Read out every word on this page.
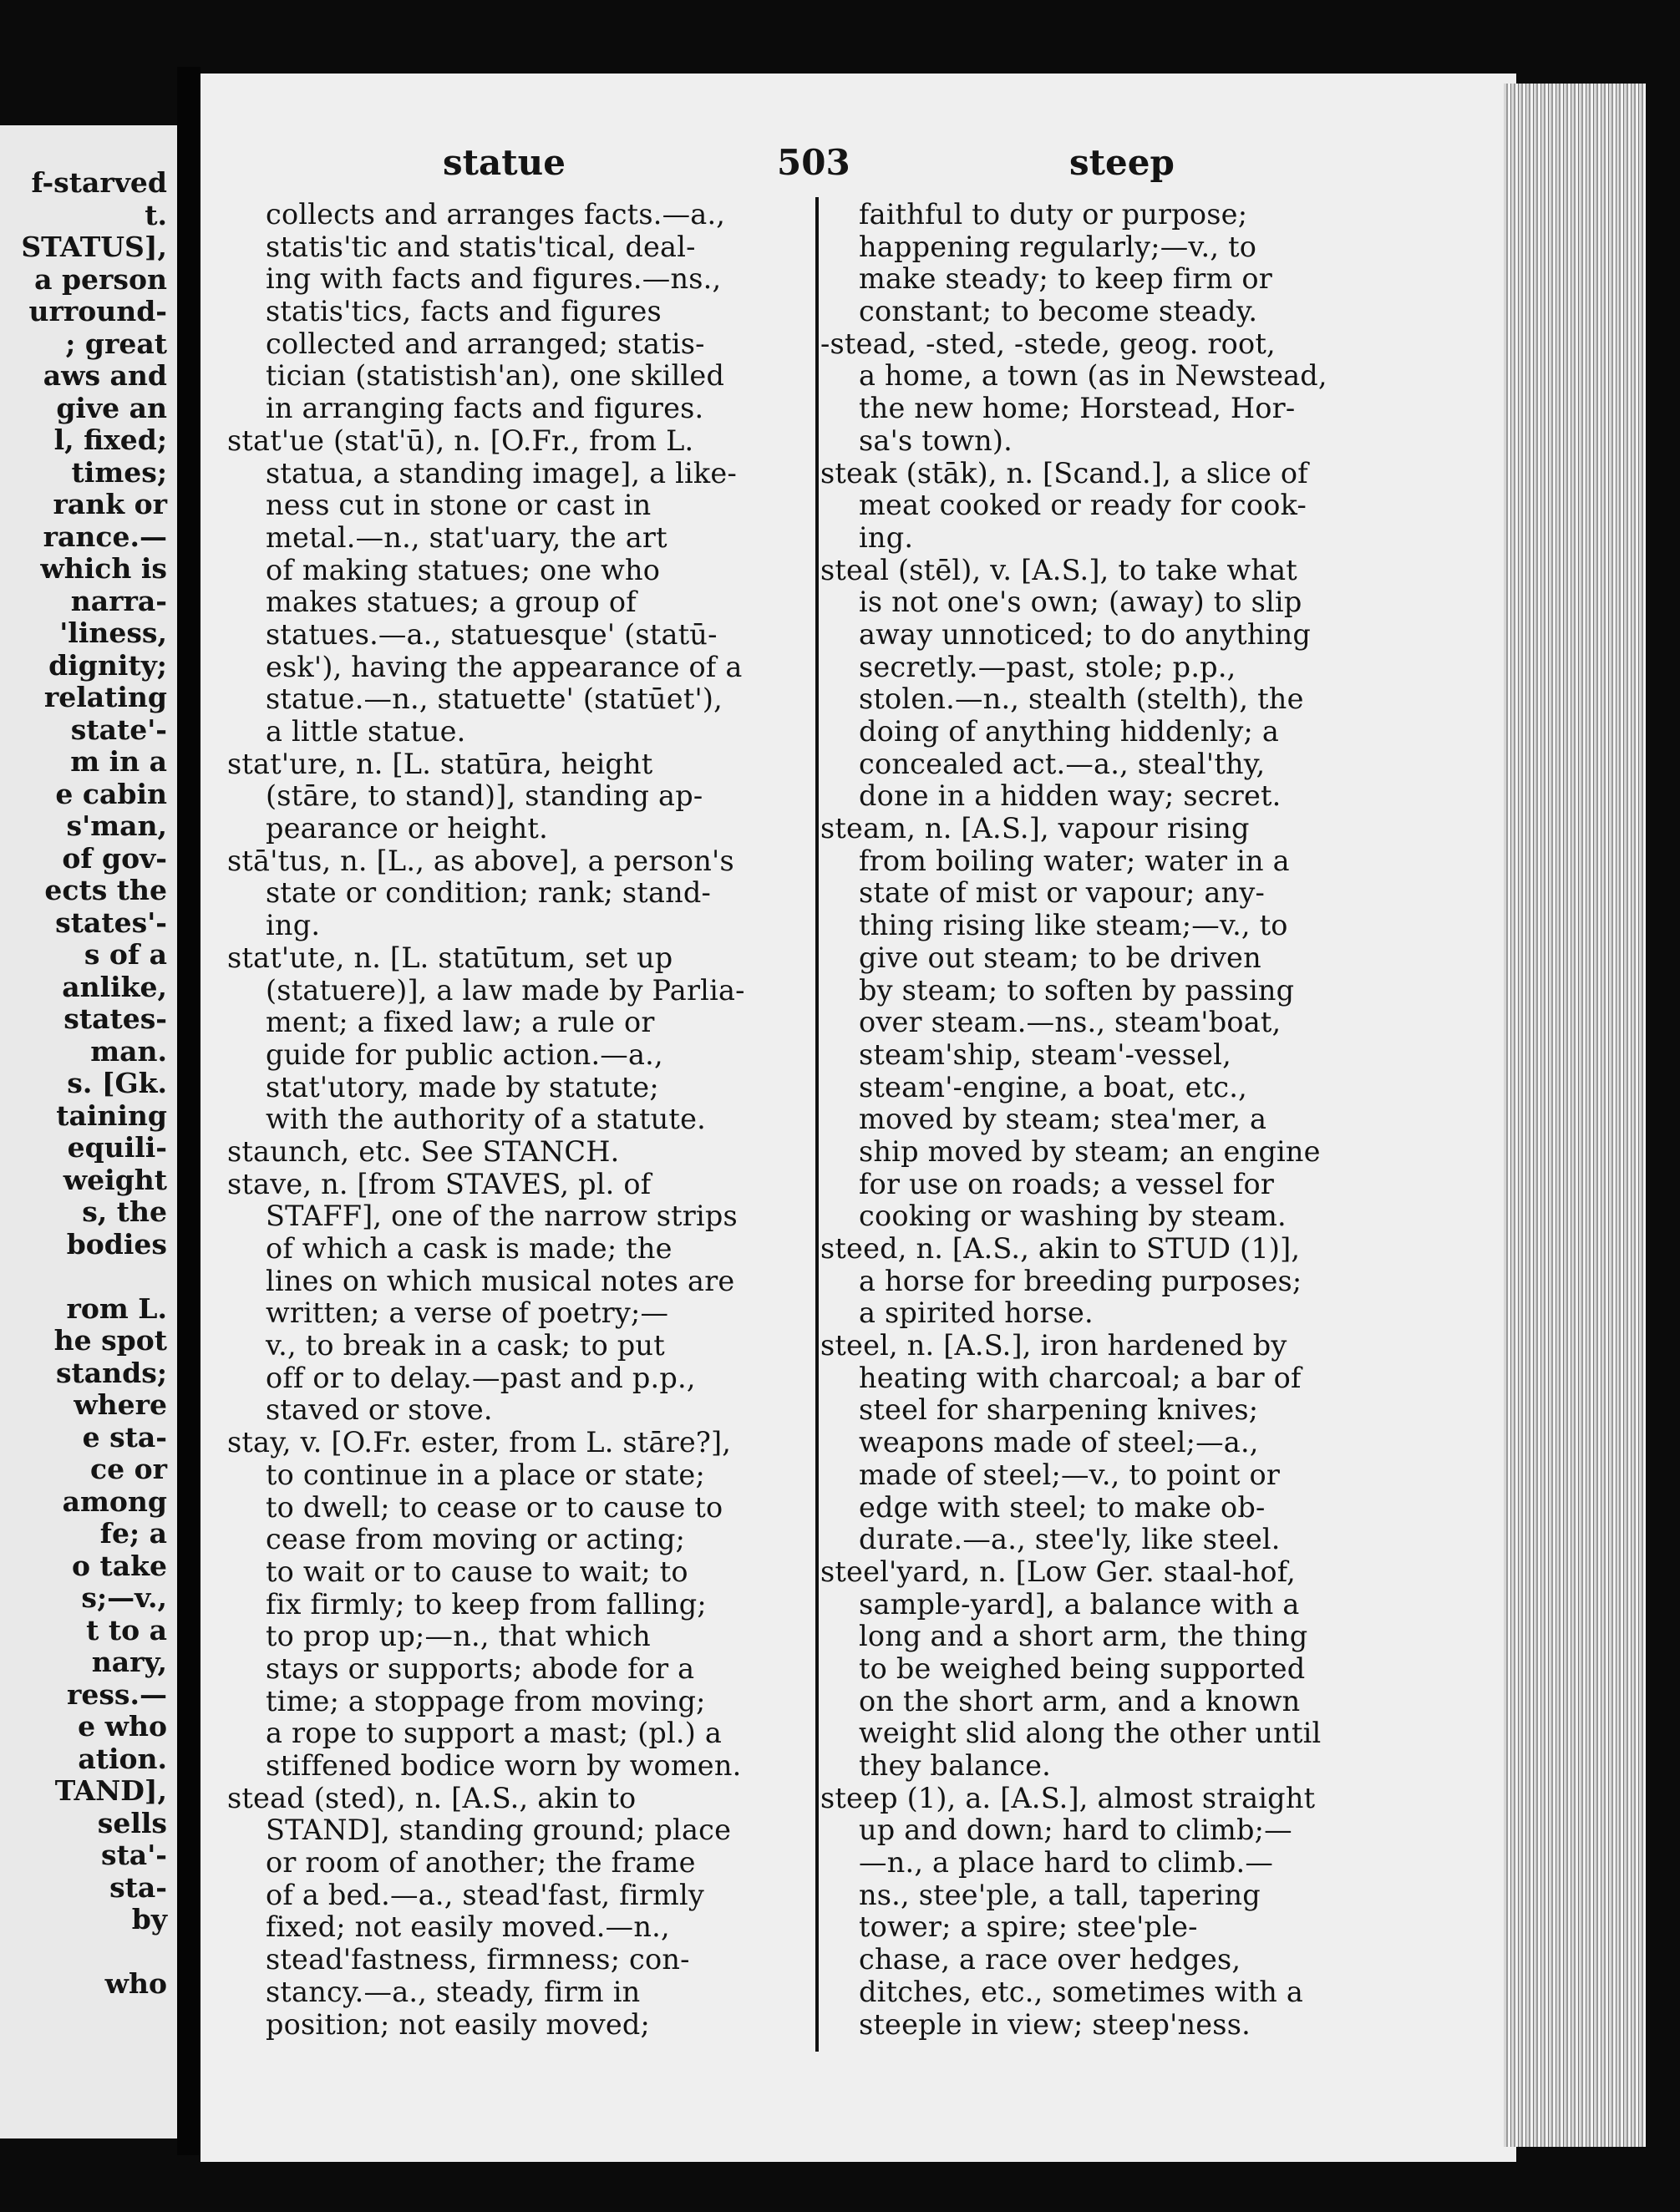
f-starved
t.
STATUS],
a person
urround-
; great
aws and
give an
l, fixed;
times;
rank or
rance.—
which is
narra-
'liness,
dignity;
relating
state'-
m in a
e cabin
s'man,
of gov-
ects the
states'-
s of a
anlike,
states-
man.
s. [Gk.
taining
equili-
weight
s, the
bodies
rom L.
he spot
stands;
where
e sta-
ce or
among
fe; a
o take
s;—v.,
t to a
nary,
ress.—
e who
ation.
TAND],
sells
sta'-
sta-
by
who
statue	503	steep
collects and arranges facts.—a.,
statis'tic and statis'tical, deal-
ing with facts and figures.—ns.,
statis'tics, facts and figures
collected and arranged; statis-
tician (statistish'an), one skilled
in arranging facts and figures.
stat'ue (stat'ū), n. [O.Fr., from L.
statua, a standing image], a like-
ness cut in stone or cast in
metal.—n., stat'uary, the art
of making statues; one who
makes statues; a group of
statues.—a., statuesque' (statū-
esk'), having the appearance of a
statue.—n., statuette' (statūet'),
a little statue.
stat'ure, n. [L. statūra, height
(stāre, to stand)], standing ap-
pearance or height.
stā'tus, n. [L., as above], a person's
state or condition; rank; stand-
ing.
stat'ute, n. [L. statūtum, set up
(statuere)], a law made by Parlia-
ment; a fixed law; a rule or
guide for public action.—a.,
stat'utory, made by statute;
with the authority of a statute.
staunch, etc. See STANCH.
stave, n. [from STAVES, pl. of
STAFF], one of the narrow strips
of which a cask is made; the
lines on which musical notes are
written; a verse of poetry;—
v., to break in a cask; to put
off or to delay.—past and p.p.,
staved or stove.
stay, v. [O.Fr. ester, from L. stāre?],
to continue in a place or state;
to dwell; to cease or to cause to
cease from moving or acting;
to wait or to cause to wait; to
fix firmly; to keep from falling;
to prop up;—n., that which
stays or supports; abode for a
time; a stoppage from moving;
a rope to support a mast; (pl.) a
stiffened bodice worn by women.
stead (sted), n. [A.S., akin to
STAND], standing ground; place
or room of another; the frame
of a bed.—a., stead'fast, firmly
fixed; not easily moved.—n.,
stead'fastness, firmness; con-
stancy.—a., steady, firm in
position; not easily moved;
faithful to duty or purpose;
happening regularly;—v., to
make steady; to keep firm or
constant; to become steady.
-stead, -sted, -stede, geog. root,
a home, a town (as in Newstead,
the new home; Horstead, Hor-
sa's town).
steak (stāk), n. [Scand.], a slice of
meat cooked or ready for cook-
ing.
steal (stēl), v. [A.S.], to take what
is not one's own; (away) to slip
away unnoticed; to do anything
secretly.—past, stole; p.p.,
stolen.—n., stealth (stelth), the
doing of anything hiddenly; a
concealed act.—a., steal'thy,
done in a hidden way; secret.
steam, n. [A.S.], vapour rising
from boiling water; water in a
state of mist or vapour; any-
thing rising like steam;—v., to
give out steam; to be driven
by steam; to soften by passing
over steam.—ns., steam'boat,
steam'ship, steam'-vessel,
steam'-engine, a boat, etc.,
moved by steam; stea'mer, a
ship moved by steam; an engine
for use on roads; a vessel for
cooking or washing by steam.
steed, n. [A.S., akin to STUD (1)],
a horse for breeding purposes;
a spirited horse.
steel, n. [A.S.], iron hardened by
heating with charcoal; a bar of
steel for sharpening knives;
weapons made of steel;—a.,
made of steel;—v., to point or
edge with steel; to make ob-
durate.—a., stee'ly, like steel.
steel'yard, n. [Low Ger. staal-hof,
sample-yard], a balance with a
long and a short arm, the thing
to be weighed being supported
on the short arm, and a known
weight slid along the other until
they balance.
steep (1), a. [A.S.], almost straight
up and down; hard to climb;—
—n., a place hard to climb.—
ns., stee'ple, a tall, tapering
tower; a spire; stee'ple-
chase, a race over hedges,
ditches, etc., sometimes with a
steeple in view; steep'ness.
